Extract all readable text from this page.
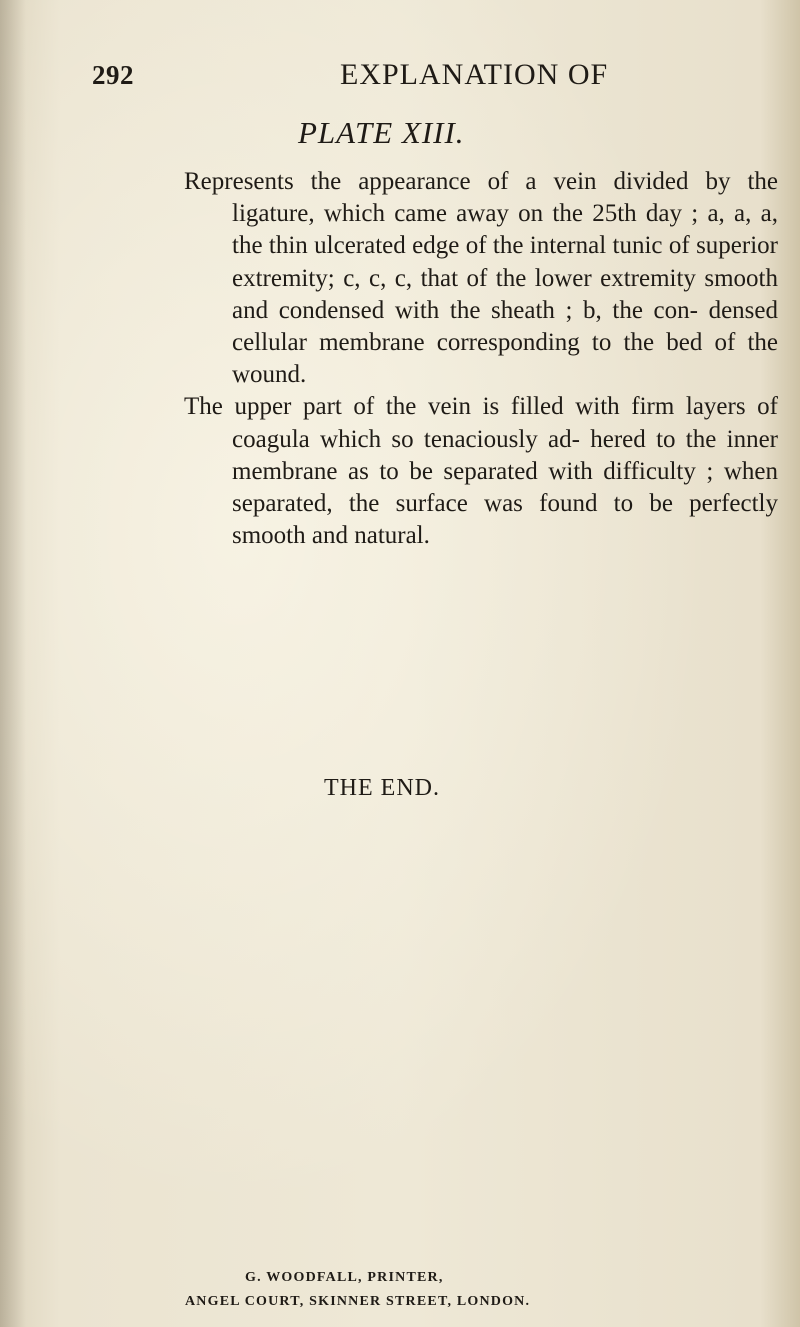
292	EXPLANATION OF
PLATE XIII.

Represents the appearance of a vein divided by the ligature, which came away on the 25th day ; a, a, a, the thin ulcerated edge of the internal tunic of superior extremity; c, c, c, that of the lower extremity smooth and condensed with the sheath ; b, the con- densed cellular membrane corresponding to the bed of the wound.

The upper part of the vein is filled with firm layers of coagula which so tenaciously ad- hered to the inner membrane as to be separated with difficulty ; when separated, the surface was found to be perfectly smooth and natural.

THE END.
G. WOODFALL, PRINTER,
ANGEL COURT, SKINNER STREET, LONDON.
